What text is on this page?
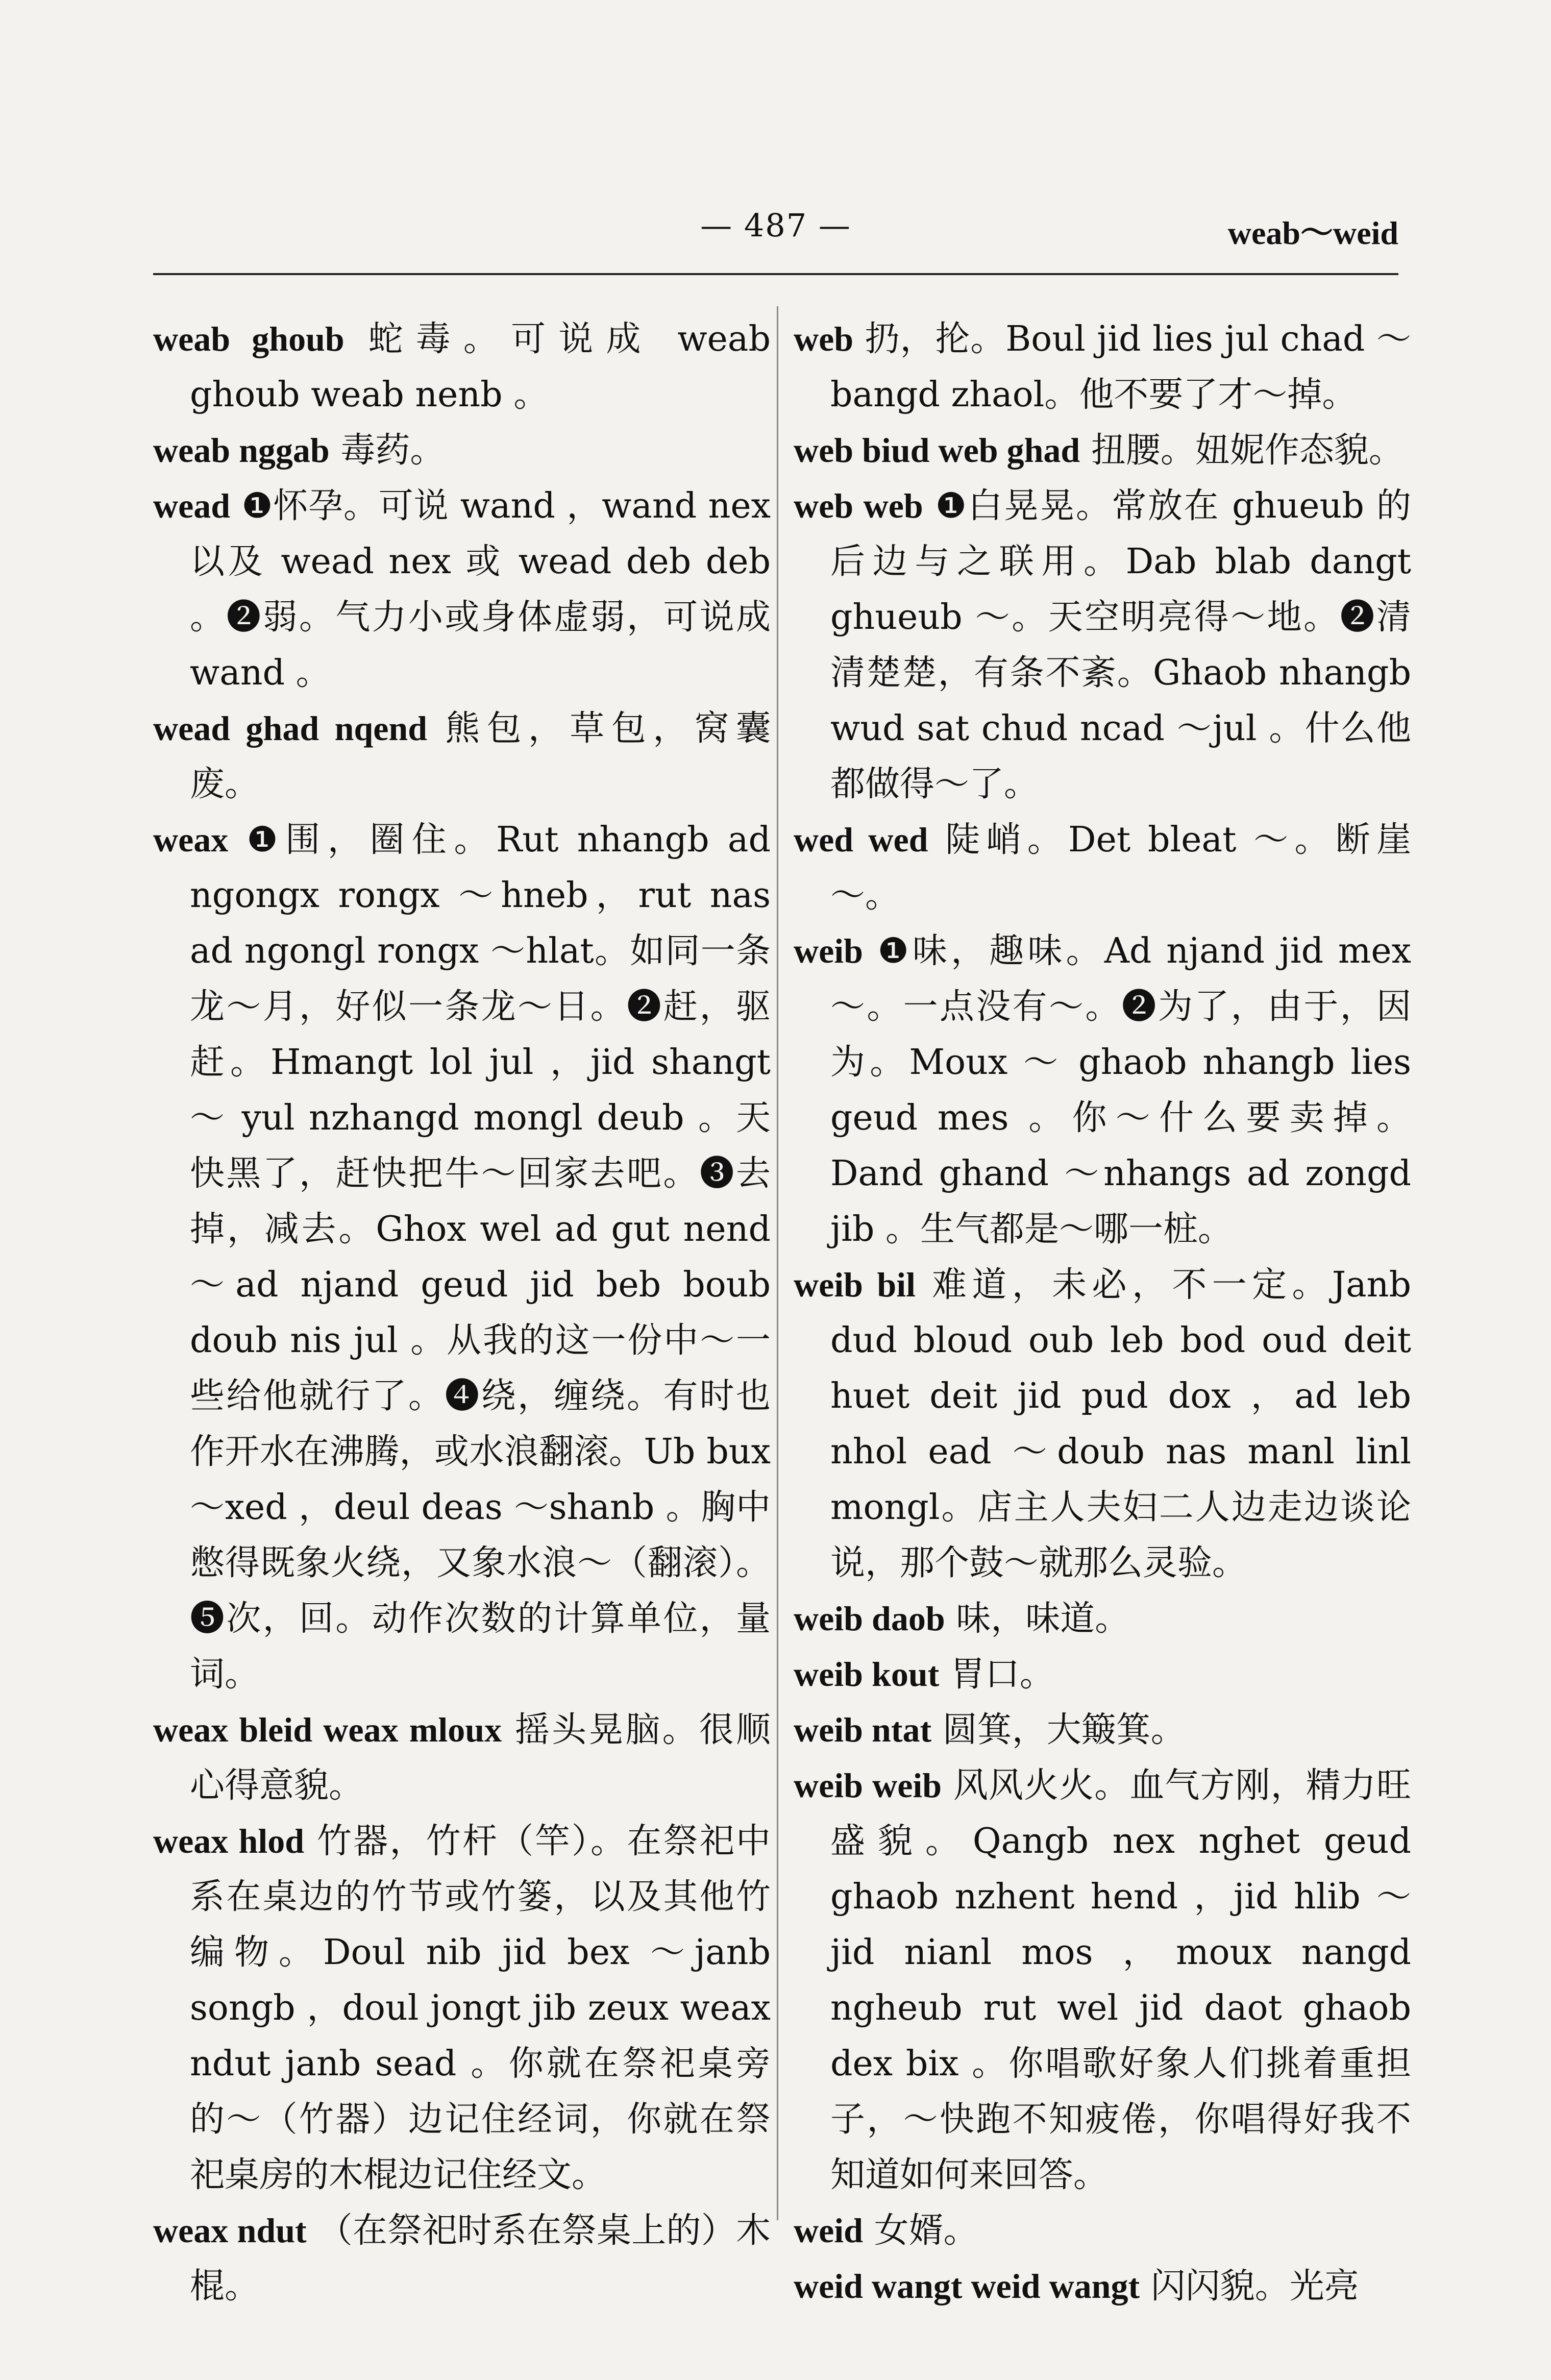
— 487 —	weab～weid

weab ghoub 蛇毒。可说成 weab ghoub weab nenb 。

weab nggab 毒药。

wead ❶怀孕。可说 wand ，wand nex 以及 wead nex 或 wead deb deb 。❷弱。气力小或身体虚弱，可说成 wand 。

wead ghad nqend 熊包，草包，窝囊废。

weax ❶围，圈住。Rut nhangb ad ngongx rongx ～hneb，rut nas ad ngongl rongx ～hlat。如同一条龙～月，好似一条龙～日。❷赶，驱赶。Hmangt lol jul ，jid shangt ～ yul nzhangd mongl deub 。天快黑了，赶快把牛～回家去吧。❸去掉，减去。Ghox wel ad gut nend ～ad njand geud jid beb boub doub nis jul 。从我的这一份中～一些给他就行了。❹绕，缠绕。有时也作开水在沸腾，或水浪翻滚。Ub bux ～xed ，deul deas ～shanb 。胸中憋得既象火绕，又象水浪～（翻滚）。❺次，回。动作次数的计算单位，量词。

weax bleid weax mloux 摇头晃脑。很顺心得意貌。

weax hlod 竹器，竹杆（竿）。在祭祀中系在桌边的竹节或竹篓，以及其他竹编物。Doul nib jid bex ～janb songb ，doul jongt jib zeux weax ndut janb sead 。你就在祭祀桌旁的～（竹器）边记住经词，你就在祭祀桌房的木棍边记住经文。

weax ndut （在祭祀时系在祭桌上的）木棍。

web 扔，抡。Boul jid lies jul chad ～bangd zhaol。他不要了才～掉。

web biud web ghad 扭腰。妞妮作态貌。

web web ❶白晃晃。常放在 ghueub 的后边与之联用。Dab blab dangt ghueub ～。天空明亮得～地。❷清清楚楚，有条不紊。Ghaob nhangb wud sat chud ncad ～jul 。什么他都做得～了。

wed wed 陡峭。Det bleat ～。断崖～。

weib ❶味，趣味。Ad njand jid mex ～。一点没有～。❷为了，由于，因为。Moux ～ ghaob nhangb lies geud mes 。你～什么要卖掉。Dand ghand ～nhangs ad zongd jib 。生气都是～哪一桩。

weib bil 难道，未必，不一定。Janb dud bloud oub leb bod oud deit huet deit jid pud dox ，ad leb nhol ead ～doub nas manl linl mongl。店主人夫妇二人边走边谈论说，那个鼓～就那么灵验。

weib daob 味，味道。

weib kout 胃口。

weib ntat 圆箕，大簸箕。

weib weib 风风火火。血气方刚，精力旺盛貌。Qangb nex nghet geud ghaob nzhent hend ，jid hlib ～jid nianl mos ，moux nangd ngheub rut wel jid daot ghaob dex bix 。你唱歌好象人们挑着重担子，～快跑不知疲倦，你唱得好我不知道如何来回答。

weid 女婿。

weid wangt weid wangt 闪闪貌。光亮
